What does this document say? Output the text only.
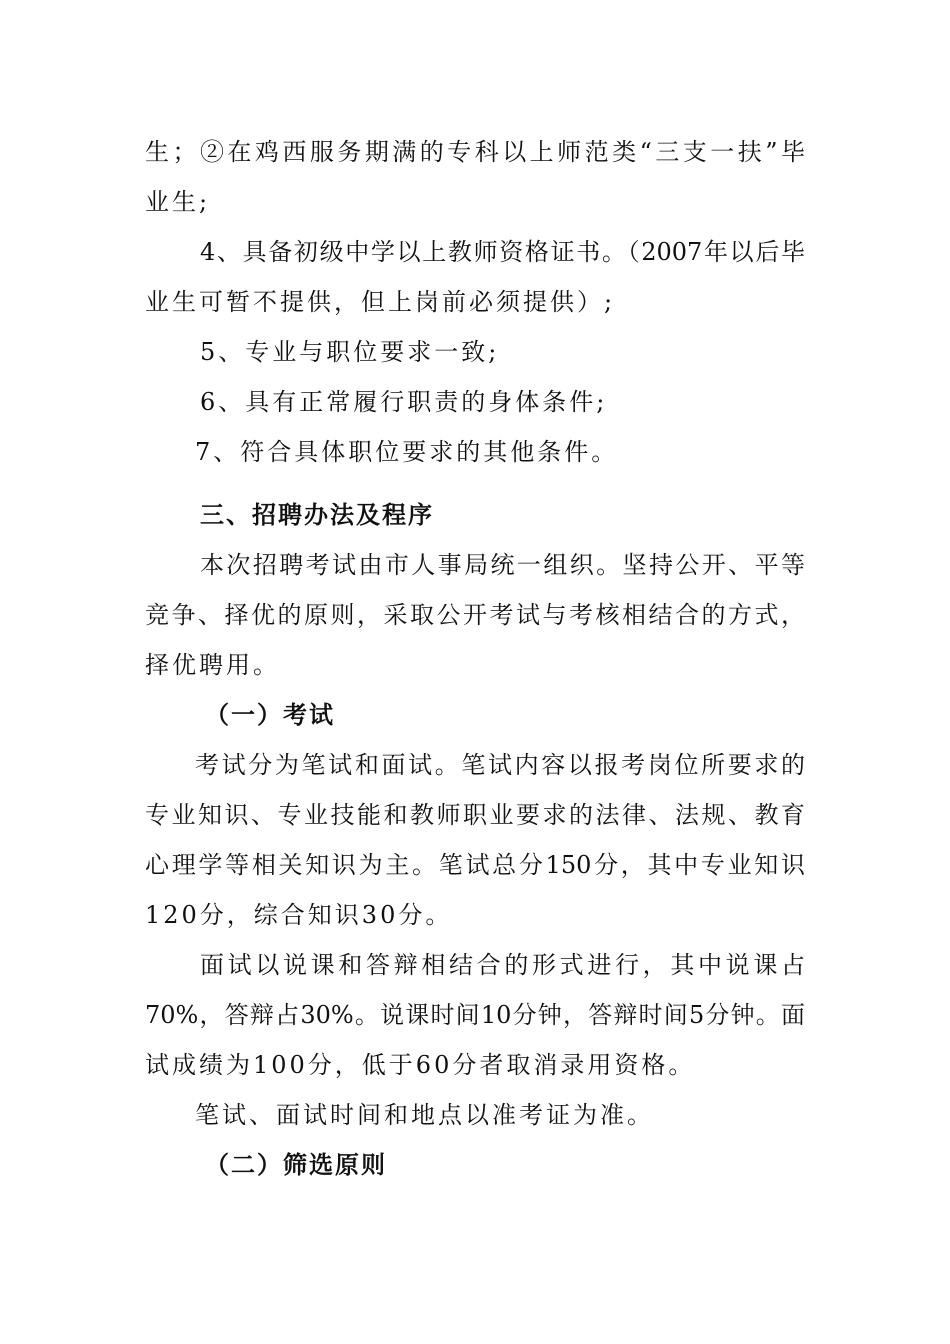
生；②在鸡西服务期满的专科以上师范类“三支一扶”毕
业生;
4、具备初级中学以上教师资格证书。（2007年以后毕
业生可暂不提供，但上岗前必须提供）;
5、专业与职位要求一致;
6、具有正常履行职责的身体条件;
7、符合具体职位要求的其他条件。
三、招聘办法及程序
本次招聘考试由市人事局统一组织。坚持公开、平等
竞争、择优的原则，采取公开考试与考核相结合的方式，
择优聘用。
（一）考试
考试分为笔试和面试。笔试内容以报考岗位所要求的
专业知识、专业技能和教师职业要求的法律、法规、教育
心理学等相关知识为主。笔试总分150分，其中专业知识
120分，综合知识30分。
面试以说课和答辩相结合的形式进行，其中说课占
70%，答辩占30%。说课时间10分钟，答辩时间5分钟。面
试成绩为100分，低于60分者取消录用资格。
笔试、面试时间和地点以准考证为准。
（二）筛选原则
